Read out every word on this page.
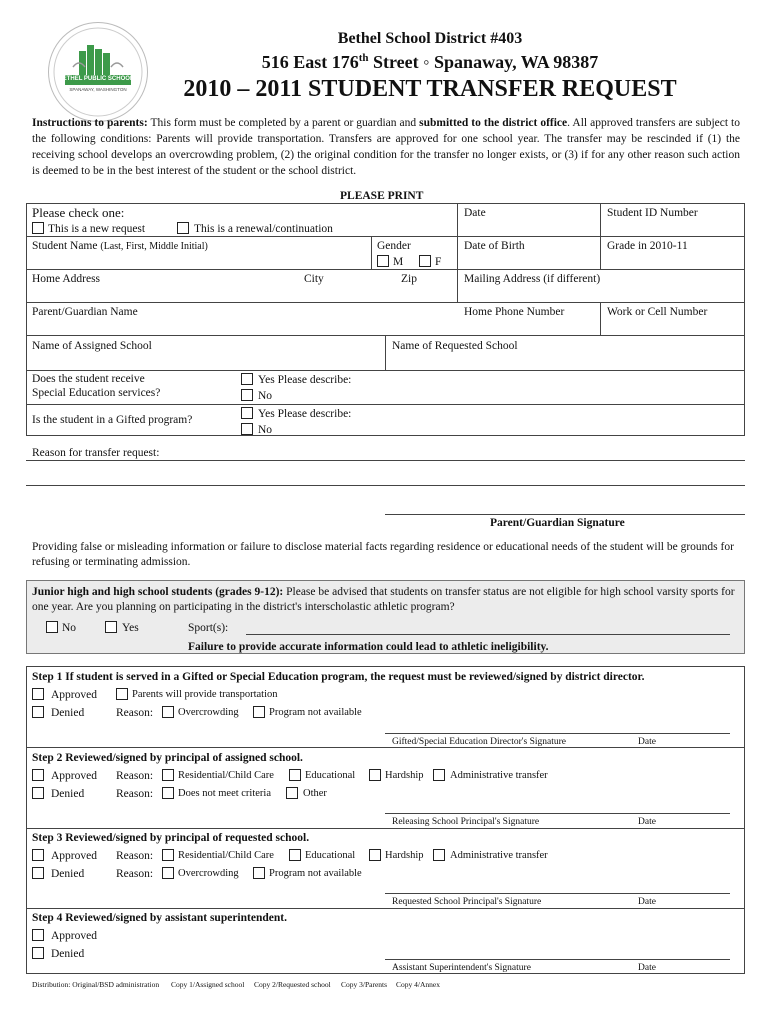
BETHEL PUBLIC SCHOOLS
SPANAWAY, WASHINGTON
Bethel School District #403
516 East 176th Street ◦ Spanaway, WA 98387
2010 – 2011 STUDENT TRANSFER REQUEST
Instructions to parents: This form must be completed by a parent or guardian and submitted to the district office. All approved transfers are subject to the following conditions: Parents will provide transportation. Transfers are approved for one school year. The transfer may be rescinded if (1) the receiving school develops an overcrowding problem, (2) the original condition for the transfer no longer exists, or (3) if for any other reason such action is deemed to be in the best interest of the student or the school district.
PLEASE PRINT
Please check one:
This is a new request	This is a renewal/continuation
Date	Student ID Number
Student Name (Last, First, Middle Initial)	Gender
M	F
Date of Birth	Grade in 2010-11
Home Address	City	Zip	Mailing Address (if different)
Parent/Guardian Name	Home Phone Number	Work or Cell Number
Name of Assigned School	Name of Requested School
Does the student receive
Special Education services?
Yes Please describe:
No
Is the student in a Gifted program?	Yes Please describe:
No
Reason for transfer request:
Parent/Guardian Signature
Providing false or misleading information or failure to disclose material facts regarding residence or educational needs of the student will be grounds for refusing or terminating admission.
Junior high and high school students (grades 9-12): Please be advised that students on transfer status are not eligible for high school varsity sports for one year. Are you planning on participating in the district's interscholastic athletic program?
No	Yes	Sport(s):
Failure to provide accurate information could lead to athletic ineligibility.
Step 1 If student is served in a Gifted or Special Education program, the request must be reviewed/signed by district director.
Approved	Parents will provide transportation
Denied	Reason: Overcrowding	Program not available
Gifted/Special Education Director's Signature	Date
Step 2 Reviewed/signed by principal of assigned school.
Approved Reason: Residential/Child Care	Educational	Hardship	Administrative transfer
Denied	Reason: Does not meet criteria	Other
Releasing School Principal's Signature	Date
Step 3 Reviewed/signed by principal of requested school.
Approved Reason: Residential/Child Care	Educational	Hardship	Administrative transfer
Denied	Reason: Overcrowding	Program not available
Requested School Principal's Signature	Date
Step 4 Reviewed/signed by assistant superintendent.
Approved
Denied
Assistant Superintendent's Signature	Date
Distribution: Original/BSD administration Copy 1/Assigned school Copy 2/Requested school Copy 3/Parents Copy 4/Annex
